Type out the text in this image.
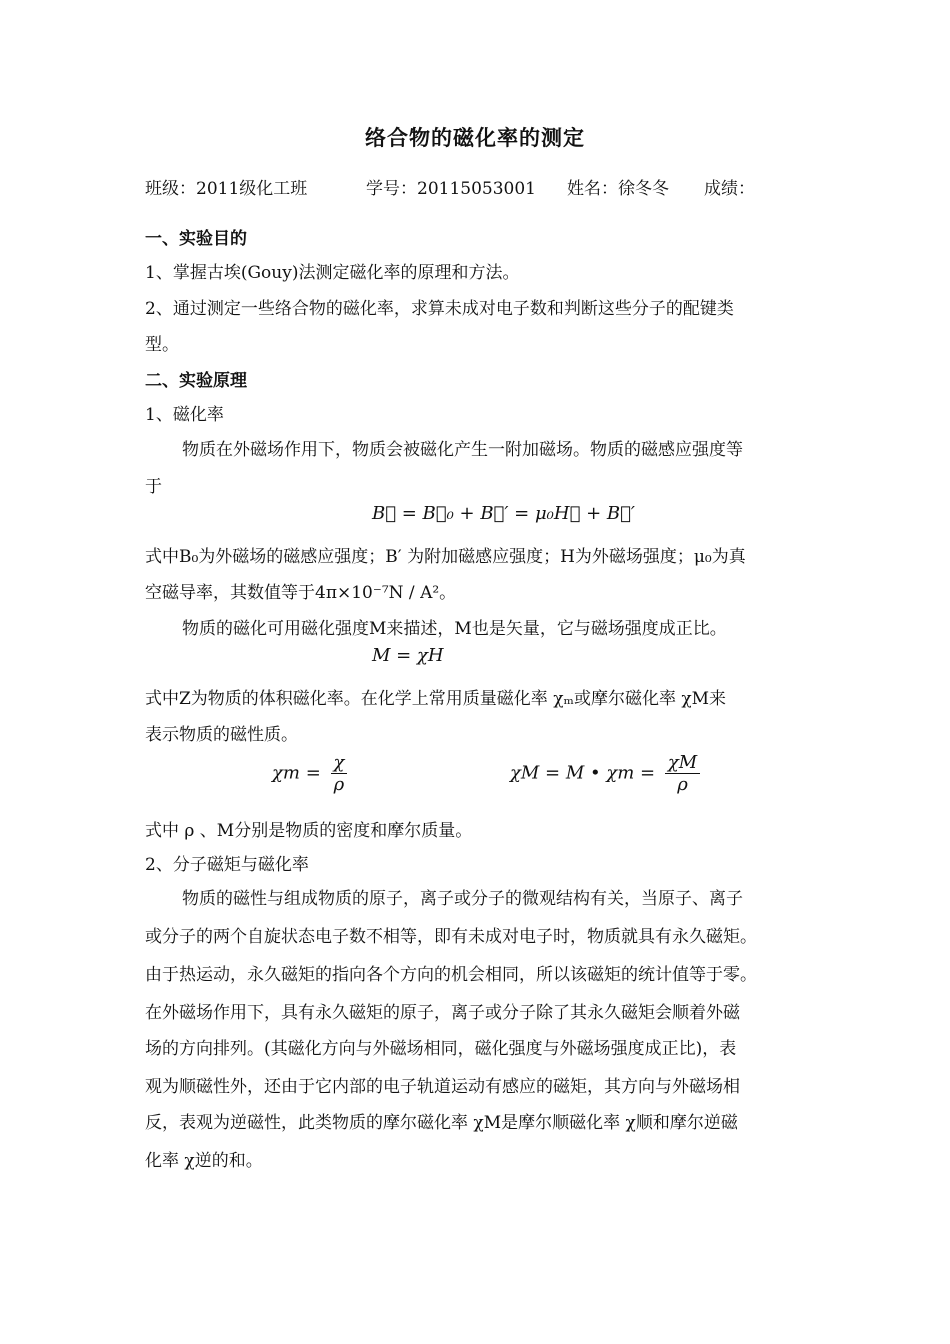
络合物的磁化率的测定
班级：2011级化工班	学号：20115053001 姓名：徐冬冬 成绩：
一、实验目的
1、掌握古埃(Gouy)法测定磁化率的原理和方法。
2、通过测定一些络合物的磁化率，求算未成对电子数和判断这些分子的配键类
型。
二、实验原理
1、磁化率
物质在外磁场作用下，物质会被磁化产生一附加磁场。物质的磁感应强度等
于
B⃗ = B⃗₀ + B⃗′ = μ₀H⃗ + B⃗′
式中B₀为外磁场的磁感应强度；B′ 为附加磁感应强度；H为外磁场强度；μ₀为真
空磁导率，其数值等于4π×10⁻⁷N / A²。
物质的磁化可用磁化强度M来描述，M也是矢量，它与磁场强度成正比。
M = χH
式中Z为物质的体积磁化率。在化学上常用质量磁化率 χₘ或摩尔磁化率 χM来
表示物质的磁性质。
$\chi m = \frac{\chi}{\rho}$	χM = M • $\chi m = \frac{\chi M}{\rho}$
式中 ρ 、M分别是物质的密度和摩尔质量。
2、分子磁矩与磁化率
物质的磁性与组成物质的原子，离子或分子的微观结构有关，当原子、离子
或分子的两个自旋状态电子数不相等，即有未成对电子时，物质就具有永久磁矩。
由于热运动，永久磁矩的指向各个方向的机会相同，所以该磁矩的统计值等于零。
在外磁场作用下，具有永久磁矩的原子，离子或分子除了其永久磁矩会顺着外磁
场的方向排列。(其磁化方向与外磁场相同，磁化强度与外磁场强度成正比)，表
观为顺磁性外，还由于它内部的电子轨道运动有感应的磁矩，其方向与外磁场相
反，表观为逆磁性，此类物质的摩尔磁化率 χM是摩尔顺磁化率 χ顺和摩尔逆磁
化率 χ逆的和。
